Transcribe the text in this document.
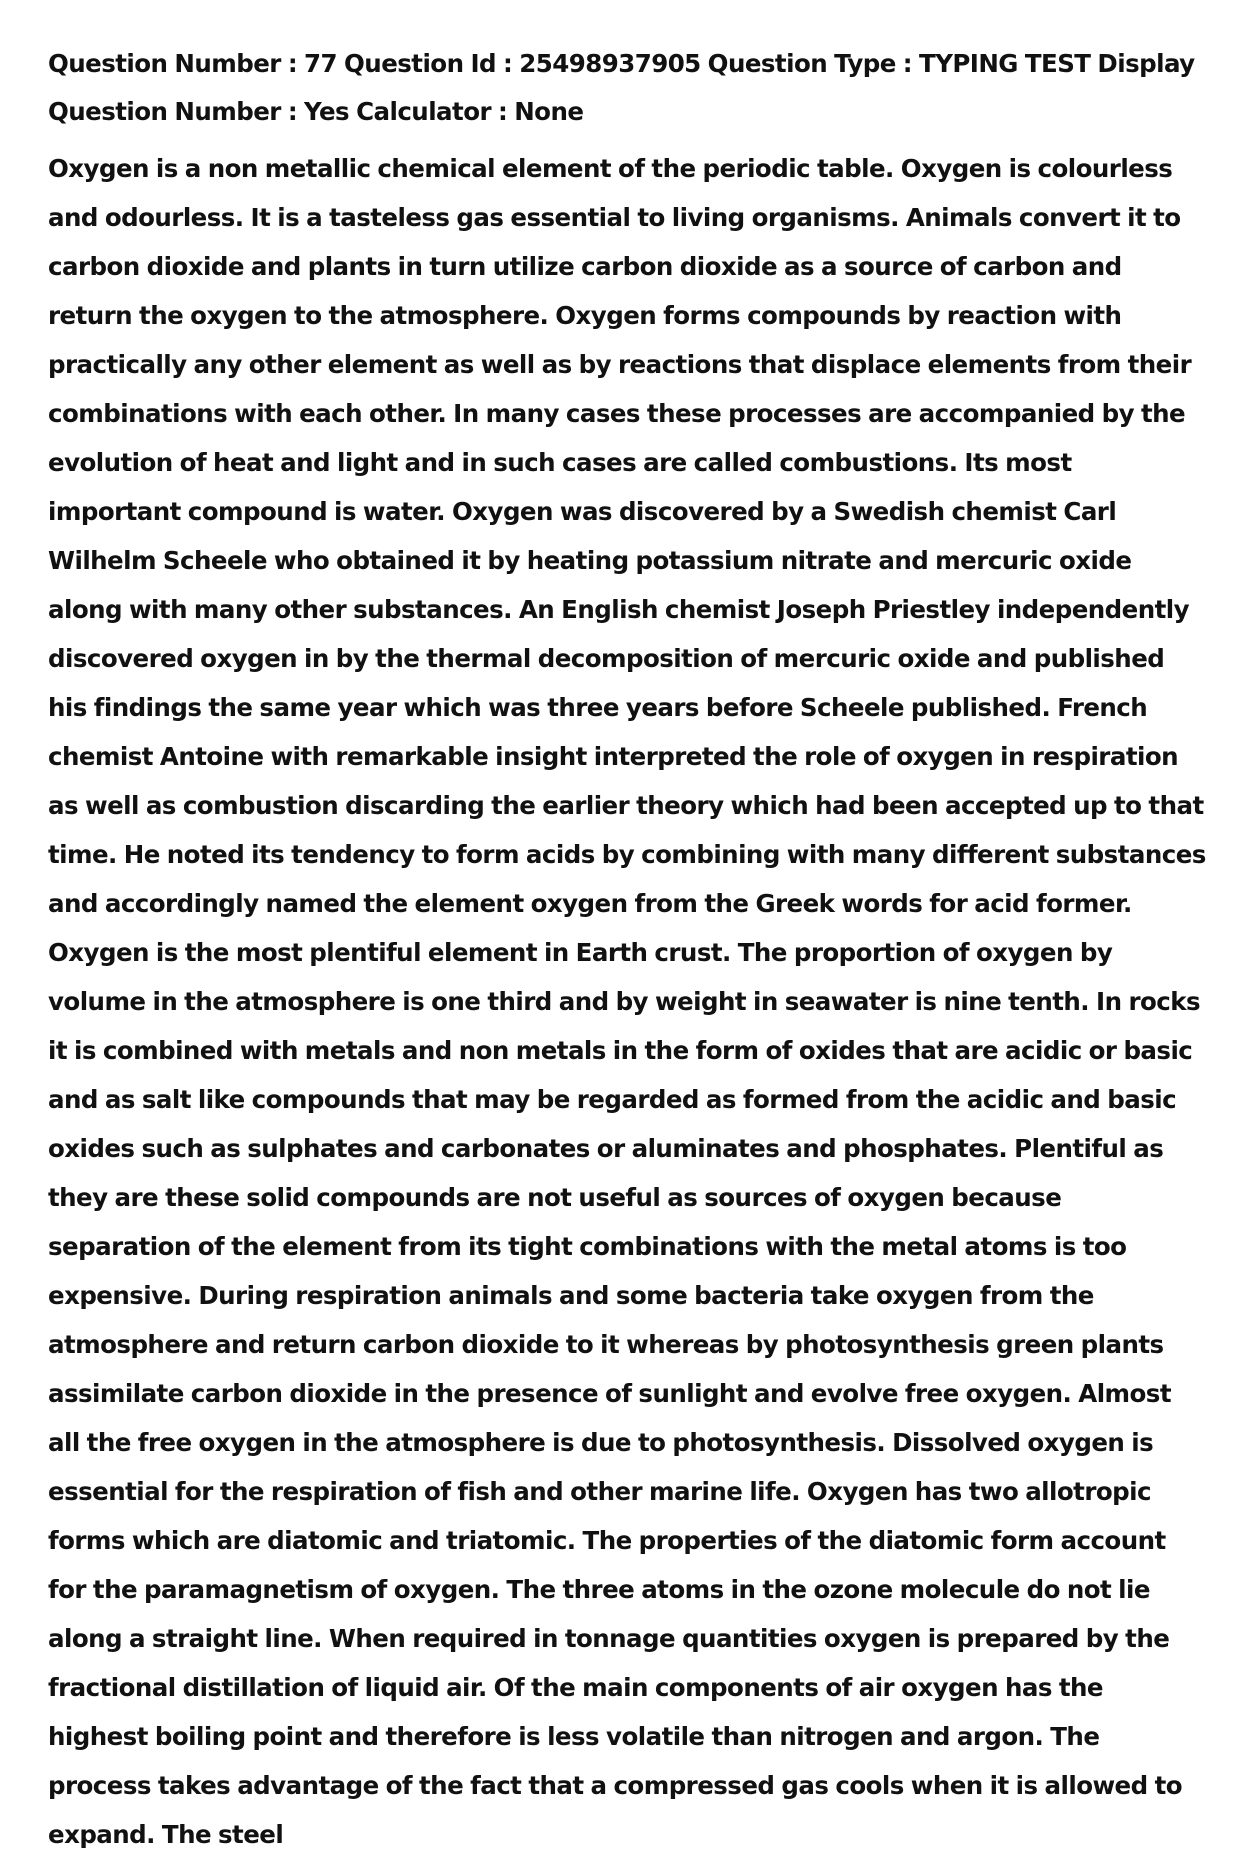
Question Number : 77 Question Id : 25498937905 Question Type : TYPING TEST Display Question Number : Yes Calculator : None

Oxygen is a non metallic chemical element of the periodic table. Oxygen is colourless and odourless. It is a tasteless gas essential to living organisms. Animals convert it to carbon dioxide and plants in turn utilize carbon dioxide as a source of carbon and return the oxygen to the atmosphere. Oxygen forms compounds by reaction with practically any other element as well as by reactions that displace elements from their combinations with each other. In many cases these processes are accompanied by the evolution of heat and light and in such cases are called combustions. Its most important compound is water. Oxygen was discovered by a Swedish chemist Carl Wilhelm Scheele who obtained it by heating potassium nitrate and mercuric oxide along with many other substances. An English chemist Joseph Priestley independently discovered oxygen in by the thermal decomposition of mercuric oxide and published his findings the same year which was three years before Scheele published. French chemist Antoine with remarkable insight interpreted the role of oxygen in respiration as well as combustion discarding the earlier theory which had been accepted up to that time. He noted its tendency to form acids by combining with many different substances and accordingly named the element oxygen from the Greek words for acid former. Oxygen is the most plentiful element in Earth crust. The proportion of oxygen by volume in the atmosphere is one third and by weight in seawater is nine tenth. In rocks it is combined with metals and non metals in the form of oxides that are acidic or basic and as salt like compounds that may be regarded as formed from the acidic and basic oxides such as sulphates and carbonates or aluminates and phosphates. Plentiful as they are these solid compounds are not useful as sources of oxygen because separation of the element from its tight combinations with the metal atoms is too expensive. During respiration animals and some bacteria take oxygen from the atmosphere and return carbon dioxide to it whereas by photosynthesis green plants assimilate carbon dioxide in the presence of sunlight and evolve free oxygen. Almost all the free oxygen in the atmosphere is due to photosynthesis. Dissolved oxygen is essential for the respiration of fish and other marine life. Oxygen has two allotropic forms which are diatomic and triatomic. The properties of the diatomic form account for the paramagnetism of oxygen. The three atoms in the ozone molecule do not lie along a straight line. When required in tonnage quantities oxygen is prepared by the fractional distillation of liquid air. Of the main components of air oxygen has the highest boiling point and therefore is less volatile than nitrogen and argon. The process takes advantage of the fact that a compressed gas cools when it is allowed to expand. The steel
